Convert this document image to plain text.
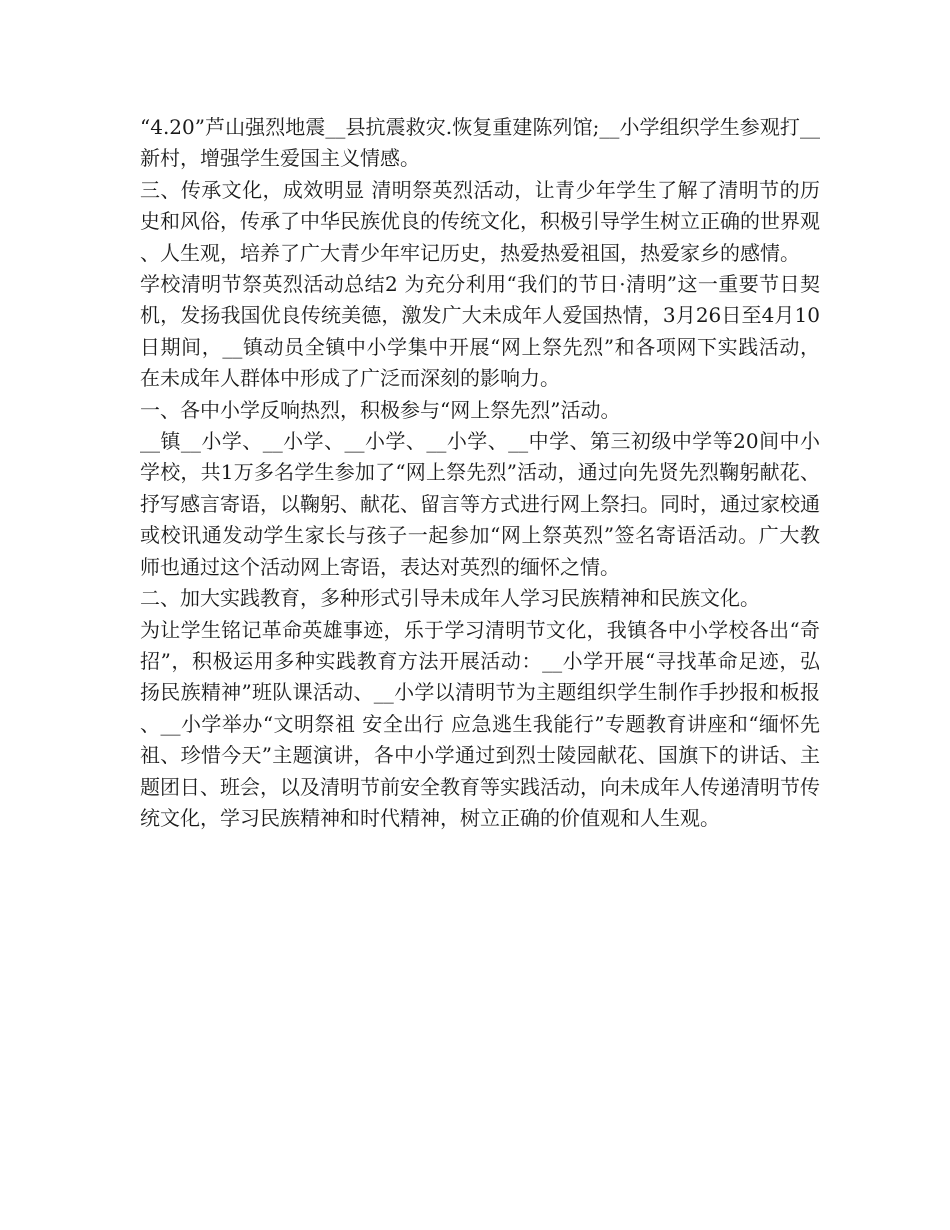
“4.20”芦山强烈地震__县抗震救灾.恢复重建陈列馆;__小学组织学生参观打__新村，增强学生爱国主义情感。

三、传承文化，成效明显 清明祭英烈活动，让青少年学生了解了清明节的历史和风俗，传承了中华民族优良的传统文化，积极引导学生树立正确的世界观、人生观，培养了广大青少年牢记历史，热爱热爱祖国，热爱家乡的感情。

学校清明节祭英烈活动总结2 为充分利用“我们的节日·清明”这一重要节日契机，发扬我国优良传统美德，激发广大未成年人爱国热情，3月26日至4月10日期间，__镇动员全镇中小学集中开展“网上祭先烈”和各项网下实践活动，在未成年人群体中形成了广泛而深刻的影响力。

一、各中小学反响热烈，积极参与“网上祭先烈”活动。

__镇__小学、__小学、__小学、__小学、__中学、第三初级中学等20间中小学校，共1万多名学生参加了“网上祭先烈”活动，通过向先贤先烈鞠躬献花、抒写感言寄语，以鞠躬、献花、留言等方式进行网上祭扫。同时，通过家校通或校讯通发动学生家长与孩子一起参加“网上祭英烈”签名寄语活动。广大教师也通过这个活动网上寄语，表达对英烈的缅怀之情。

二、加大实践教育，多种形式引导未成年人学习民族精神和民族文化。

为让学生铭记革命英雄事迹，乐于学习清明节文化，我镇各中小学校各出“奇招”，积极运用多种实践教育方法开展活动：__小学开展“寻找革命足迹，弘扬民族精神”班队课活动、__小学以清明节为主题组织学生制作手抄报和板报、__小学举办“文明祭祖 安全出行 应急逃生我能行”专题教育讲座和“缅怀先祖、珍惜今天”主题演讲，各中小学通过到烈士陵园献花、国旗下的讲话、主题团日、班会，以及清明节前安全教育等实践活动，向未成年人传递清明节传统文化，学习民族精神和时代精神，树立正确的价值观和人生观。
